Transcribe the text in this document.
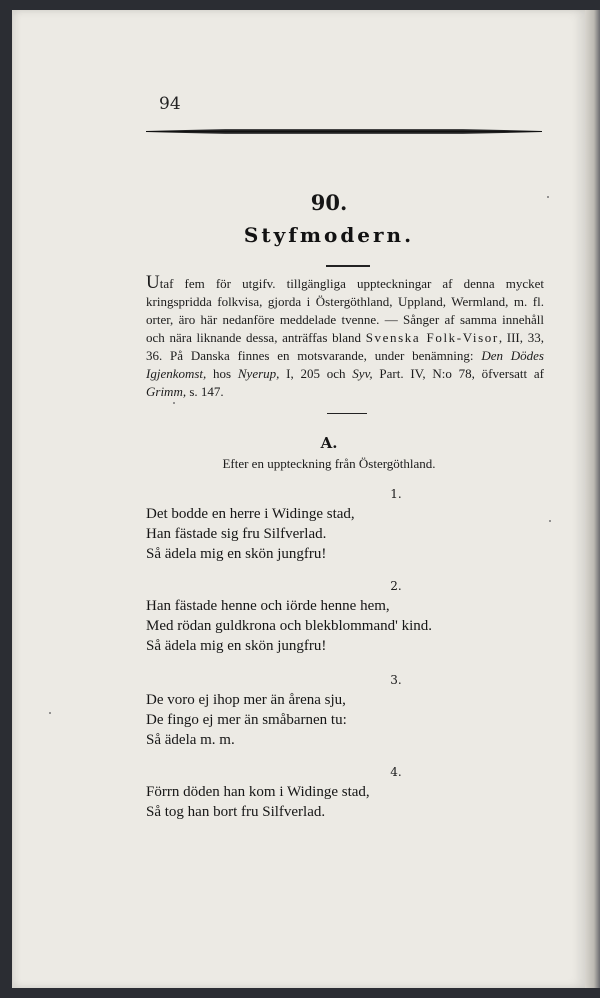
94
90.
Styfmodern.
Utaf fem för utgifv. tillgängliga uppteckningar af denna mycket kringspridda folkvisa, gjorda i Östergöthland, Uppland, Wermland, m. fl. orter, äro här nedanföre meddelade tvenne. — Sånger af samma innehåll och nära liknande dessa, anträffas bland Svenska Folk-Visor, III, 33, 36. På Danska finnes en motsvarande, under benämning: Den Dödes Igjenkomst, hos Nyerup, I, 205 och Syv, Part. IV, N:o 78, öfversatt af Grimm, s. 147.
A.
Efter en uppteckning från Östergöthland.
1.
Det bodde en herre i Widinge stad,
Han fästade sig fru Silfverlad.
Så ädela mig en skön jungfru!
2.
Han fästade henne och iörde henne hem,
Med rödan guldkrona och blekblommand' kind.
Så ädela mig en skön jungfru!
3.
De voro ej ihop mer än årena sju,
De fingo ej mer än småbarnen tu:
Så ädela m. m.
4.
Förrn döden han kom i Widinge stad,
Så tog han bort fru Silfverlad.
